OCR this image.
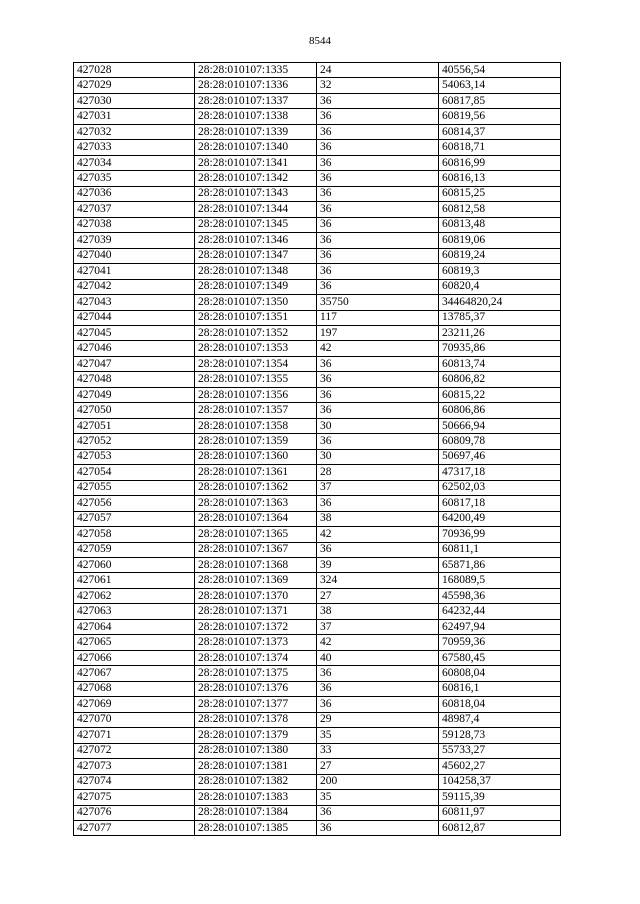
8544
427028	28:28:010107:1335	24	40556,54
427029	28:28:010107:1336	32	54063,14
427030	28:28:010107:1337	36	60817,85
427031	28:28:010107:1338	36	60819,56
427032	28:28:010107:1339	36	60814,37
427033	28:28:010107:1340	36	60818,71
427034	28:28:010107:1341	36	60816,99
427035	28:28:010107:1342	36	60816,13
427036	28:28:010107:1343	36	60815,25
427037	28:28:010107:1344	36	60812,58
427038	28:28:010107:1345	36	60813,48
427039	28:28:010107:1346	36	60819,06
427040	28:28:010107:1347	36	60819,24
427041	28:28:010107:1348	36	60819,3
427042	28:28:010107:1349	36	60820,4
427043	28:28:010107:1350	35750	34464820,24
427044	28:28:010107:1351	117	13785,37
427045	28:28:010107:1352	197	23211,26
427046	28:28:010107:1353	42	70935,86
427047	28:28:010107:1354	36	60813,74
427048	28:28:010107:1355	36	60806,82
427049	28:28:010107:1356	36	60815,22
427050	28:28:010107:1357	36	60806,86
427051	28:28:010107:1358	30	50666,94
427052	28:28:010107:1359	36	60809,78
427053	28:28:010107:1360	30	50697,46
427054	28:28:010107:1361	28	47317,18
427055	28:28:010107:1362	37	62502,03
427056	28:28:010107:1363	36	60817,18
427057	28:28:010107:1364	38	64200,49
427058	28:28:010107:1365	42	70936,99
427059	28:28:010107:1367	36	60811,1
427060	28:28:010107:1368	39	65871,86
427061	28:28:010107:1369	324	168089,5
427062	28:28:010107:1370	27	45598,36
427063	28:28:010107:1371	38	64232,44
427064	28:28:010107:1372	37	62497,94
427065	28:28:010107:1373	42	70959,36
427066	28:28:010107:1374	40	67580,45
427067	28:28:010107:1375	36	60808,04
427068	28:28:010107:1376	36	60816,1
427069	28:28:010107:1377	36	60818,04
427070	28:28:010107:1378	29	48987,4
427071	28:28:010107:1379	35	59128,73
427072	28:28:010107:1380	33	55733,27
427073	28:28:010107:1381	27	45602,27
427074	28:28:010107:1382	200	104258,37
427075	28:28:010107:1383	35	59115,39
427076	28:28:010107:1384	36	60811,97
427077	28:28:010107:1385	36	60812,87
